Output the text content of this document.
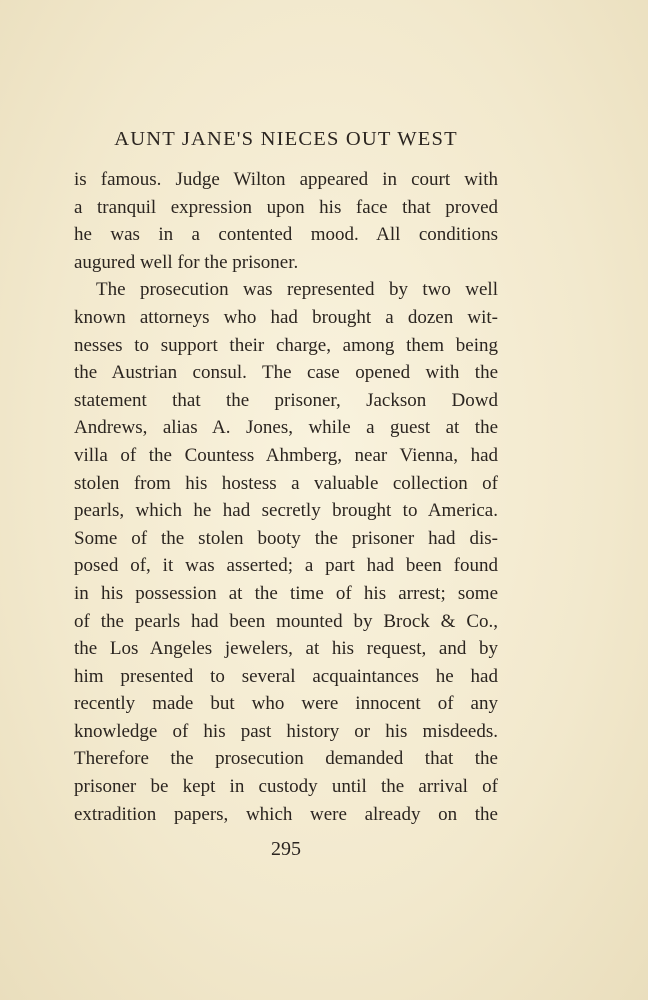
AUNT JANE'S NIECES OUT WEST
is famous. Judge Wilton appeared in court with
a tranquil expression upon his face that proved
he was in a contented mood. All conditions
augured well for the prisoner.
The prosecution was represented by two well
known attorneys who had brought a dozen wit-
nesses to support their charge, among them being
the Austrian consul. The case opened with the
statement that the prisoner, Jackson Dowd
Andrews, alias A. Jones, while a guest at the
villa of the Countess Ahmberg, near Vienna, had
stolen from his hostess a valuable collection of
pearls, which he had secretly brought to America.
Some of the stolen booty the prisoner had dis-
posed of, it was asserted; a part had been found
in his possession at the time of his arrest; some
of the pearls had been mounted by Brock & Co.,
the Los Angeles jewelers, at his request, and by
him presented to several acquaintances he had
recently made but who were innocent of any
knowledge of his past history or his misdeeds.
Therefore the prosecution demanded that the
prisoner be kept in custody until the arrival of
extradition papers, which were already on the
295
